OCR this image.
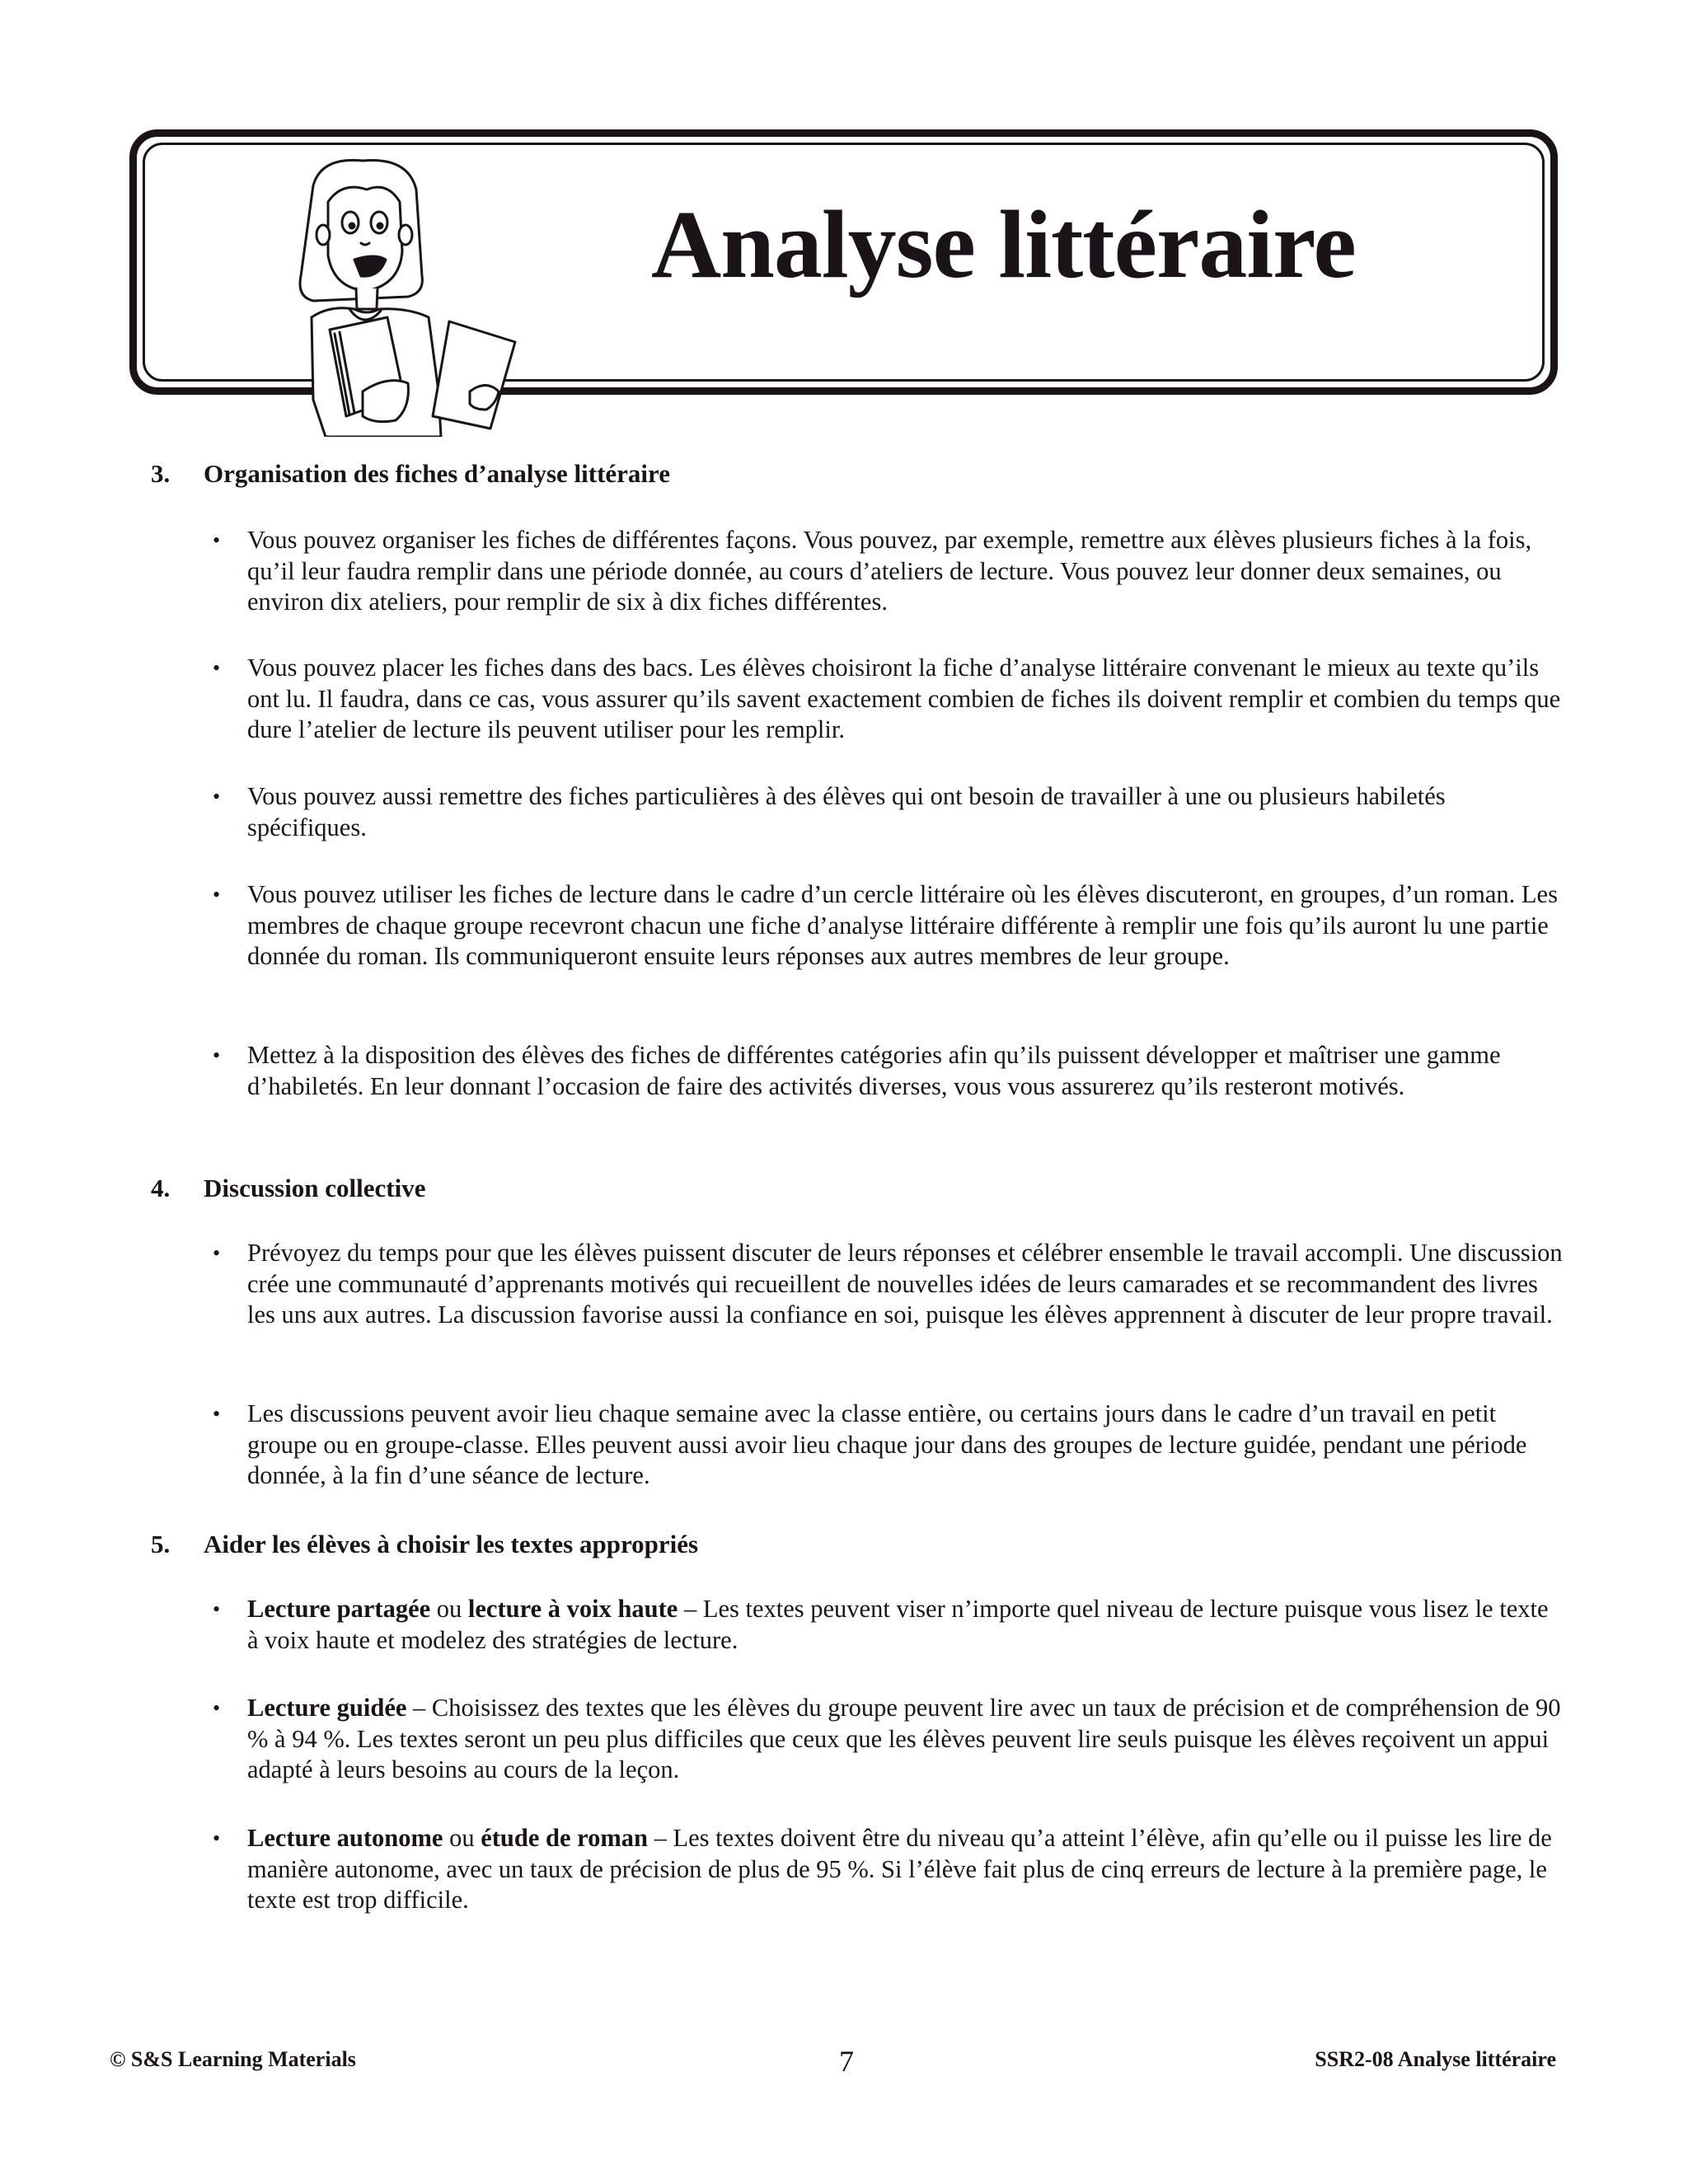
Analyse littéraire
3. Organisation des fiches d’analyse littéraire
•	Vous pouvez organiser les fiches de différentes façons. Vous pouvez, par exemple, remettre aux élèves plusieurs fiches à la fois, qu’il leur faudra remplir dans une période donnée, au cours d’ateliers de lecture. Vous pouvez leur donner deux semaines, ou environ dix ateliers, pour remplir de six à dix fiches différentes.
•	Vous pouvez placer les fiches dans des bacs. Les élèves choisiront la fiche d’analyse littéraire convenant le mieux au texte qu’ils ont lu. Il faudra, dans ce cas, vous assurer qu’ils savent exactement combien de fiches ils doivent remplir et combien du temps que dure l’atelier de lecture ils peuvent utiliser pour les remplir.
•	Vous pouvez aussi remettre des fiches particulières à des élèves qui ont besoin de travailler à une ou plusieurs habiletés spécifiques.
•	Vous pouvez utiliser les fiches de lecture dans le cadre d’un cercle littéraire où les élèves discuteront, en groupes, d’un roman. Les membres de chaque groupe recevront chacun une fiche d’analyse littéraire différente à remplir une fois qu’ils auront lu une partie donnée du roman. Ils communiqueront ensuite leurs réponses aux autres membres de leur groupe.
•	Mettez à la disposition des élèves des fiches de différentes catégories afin qu’ils puissent développer et maîtriser une gamme d’habiletés. En leur donnant l’occasion de faire des activités diverses, vous vous assurerez qu’ils resteront motivés.
4. Discussion collective
•	Prévoyez du temps pour que les élèves puissent discuter de leurs réponses et célébrer ensemble le travail accompli. Une discussion crée une communauté d’apprenants motivés qui recueillent de nouvelles idées de leurs camarades et se recommandent des livres les uns aux autres. La discussion favorise aussi la confiance en soi, puisque les élèves apprennent à discuter de leur propre travail.
•	Les discussions peuvent avoir lieu chaque semaine avec la classe entière, ou certains jours dans le cadre d’un travail en petit groupe ou en groupe-classe. Elles peuvent aussi avoir lieu chaque jour dans des groupes de lecture guidée, pendant une période donnée, à la fin d’une séance de lecture.
5. Aider les élèves à choisir les textes appropriés
•	Lecture partagée ou lecture à voix haute – Les textes peuvent viser n’importe quel niveau de lecture puisque vous lisez le texte à voix haute et modelez des stratégies de lecture.
•	Lecture guidée – Choisissez des textes que les élèves du groupe peuvent lire avec un taux de précision et de compréhension de 90 % à 94 %. Les textes seront un peu plus difficiles que ceux que les élèves peuvent lire seuls puisque les élèves reçoivent un appui adapté à leurs besoins au cours de la leçon.
•	Lecture autonome ou étude de roman – Les textes doivent être du niveau qu’a atteint l’élève, afin qu’elle ou il puisse les lire de manière autonome, avec un taux de précision de plus de 95 %. Si l’élève fait plus de cinq erreurs de lecture à la première page, le texte est trop difficile.
© S&S Learning Materials	7	SSR2-08 Analyse littéraire
